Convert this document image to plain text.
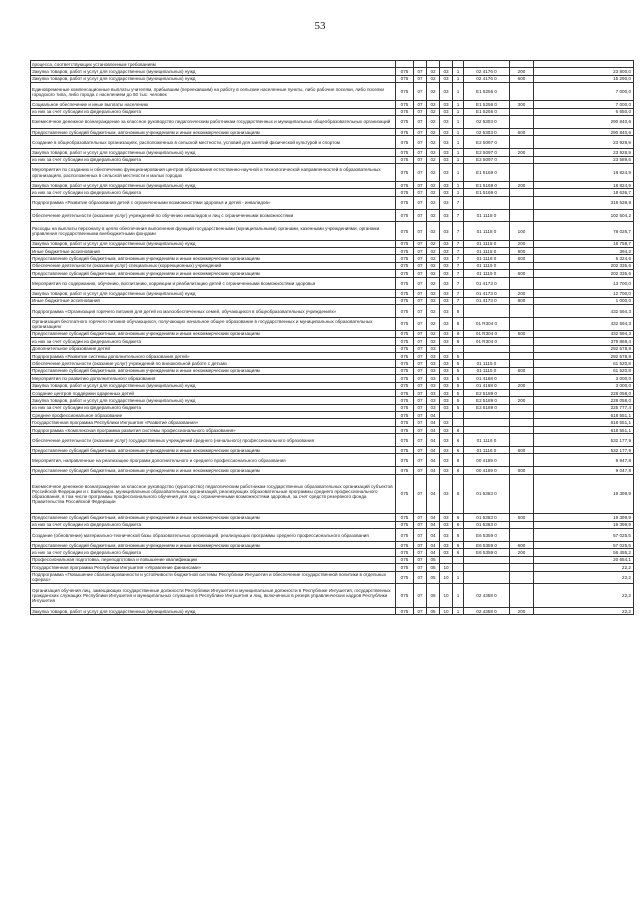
53
процесса, соответствующих установленным требованиям								
Закупка товаров, работ и услуг для государственных (муниципальных) нужд	075	07	02	03	1	02 4176 0	200	23 800,0
Закупка товаров, работ и услуг для государственных (муниципальных) нужд	075	07	02	03	1	02 4176 0	600	15 290,0
Единовременные компенсационные выплаты учителям, прибывшим (переехавшим) на работу в сельские населенные пункты, либо рабочие поселки, либо поселки городского типа, либо города с населением до 50 тыс. человек	075	07	02	03	1	E1 5256 0		7 000,0
Социальное обеспечение и иные выплаты населению	075	07	02	03	1	E1 5256 0	300	7 000,0
из них за счет субсидии из федерального бюджета	075	07	02	03	1	E1 5256 0		6 650,0
Ежемесячное денежное вознаграждение за классное руководство педагогическим работникам государственных и муниципальных общеобразовательных организаций	075	07	02	03	1	02 5303 0		290 840,6
Предоставление субсидий бюджетным, автономным учреждениям и иным некоммерческим организациям	075	07	02	03	1	02 5303 0	600	290 840,6
Создание в общеобразовательных организациях, расположенных в сельской местности, условий для занятий физической культурой и спортом	075	07	02	03	1	E2 5097 0		23 928,9
Закупка товаров, работ и услуг для государственных (муниципальных) нужд	075	07	02	03	1	E2 5097 0	200	23 928,9
из них за счет субсидии из федерального бюджета	075	07	02	03	1	E2 5097 0		23 589,6
Мероприятия по созданию и обеспечению функционирования центров образования естественно-научной и технологической направленностей в образовательных организациях, расположенных в сельской местности и малых городах	075	07	02	03	1	E1 5169 0		18 824,9
Закупка товаров, работ и услуг для государственных (муниципальных) нужд	075	07	02	03	1	E1 5169 0	200	18 824,9
из них за счет субсидии из федерального бюджета	075	07	02	03	1	E1 5169 0		18 636,7
Подпрограмма «Развитие образования детей с ограниченными возможностями здоровья и детей - инвалидов»	075	07	02	03	7			318 539,8
Обеспечение деятельности (оказание услуг) учреждений по обучению инвалидов и лиц с ограниченными возможностями	075	07	02	03	7	01 1118 0		102 504,2
Расходы на выплаты персоналу в целях обеспечения выполнения функций государственными (муниципальными) органами, казенными учреждениями, органами управления государственными внебюджетными фондами	075	07	02	03	7	01 1118 0	100	78 026,7
Закупка товаров, работ и услуг для государственных (муниципальных) нужд	075	07	02	03	7	01 1118 0	200	18 758,7
Иные бюджетные ассигнования	075	07	02	03	7	01 1118 0	800	394,2
Предоставление субсидий бюджетным, автономным учреждениям и иным некоммерческим организациям	075	07	02	03	7	01 1118 0	600	5 324,6
Обеспечение деятельности (оказание услуг) специальных (коррекционных) учреждений	075	07	02	03	7	01 1119 0		202 335,6
Предоставление субсидий бюджетным, автономным учреждениям и иным некоммерческим организациям	075	07	02	03	7	01 1119 0	600	202 335,6
Мероприятия по содержанию, обучению, воспитанию, коррекции и реабилитацию детей с ограниченными возможностями здоровья	075	07	02	03	7	01 4173 0		13 700,0
Закупка товаров, работ и услуг для государственных (муниципальных) нужд	075	07	02	03	7	01 4173 0	200	12 700,0
Иные бюджетные ассигнования	075	07	02	03	7	01 4173 0	800	1 000,0
Подпрограмма «Организация горячего питания для детей из малообеспеченных семей, обучающихся в общеобразовательных учреждениях»	075	07	02	03	8			432 594,3
Организация бесплатного горячего питания обучающихся, получающих начальное общее образование в государственных и муниципальных образовательных организациях	075	07	02	03	8	01 R304 0		432 594,3
Предоставление субсидий бюджетным, автономным учреждениям и иным некоммерческим организациям	075	07	02	03	8	01 R304 0	600	432 594,3
из них за счет субсидии из федерального бюджета	075	07	02	03	8	01 R304 0		379 868,4
Дополнительное образование детей	075	07	03					292 578,8
Подпрограмма «Развитие системы дополнительного образования детей»	075	07	03	03	5			292 578,8
Обеспечение деятельности (оказание услуг) учреждений по внешкольной работе с детьми	075	07	03	03	5	01 1115 0		61 520,8
Предоставление субсидий бюджетным, автономным учреждениям и иным некоммерческим организациям	075	07	03	03	5	01 1115 0	600	61 520,8
Мероприятия по развитию дополнительного образования	075	07	03	03	5	01 4168 0		3 000,0
Закупка товаров, работ и услуг для государственных (муниципальных) нужд	075	07	03	03	5	01 4168 0	200	3 000,0
Создание центров поддержки одаренных детей	075	07	03	03	5	E2 5189 0		228 058,0
Закупка товаров, работ и услуг для государственных (муниципальных) нужд	075	07	03	03	5	E2 5189 0	200	228 058,0
из них за счет субсидии из федерального бюджета	075	07	03	03	5	E2 5189 0		225 777,4
Среднее профессиональное образование	075	07	04					618 551,1
Государственная программа Республики Ингушетия «Развитие образования»	075	07	04	03				618 551,1
Подпрограмма «Комплексная программа развития системы профессионального образования»	075	07	04	03	6			618 551,1
Обеспечение деятельности (оказание услуг) государственных учреждений среднего (начального) профессионального образования	075	07	04	03	6	01 1116 0		532 177,9
Предоставление субсидий бюджетным, автономным учреждениям и иным некоммерческим организациям	075	07	04	03	6	01 1116 0	600	532 177,9
Мероприятия, направленные на реализацию программ дополнительного и среднего профессионального образования	075	07	04	03	6	00 4169 0		9 947,8
Предоставление субсидий бюджетным, автономным учреждениям и иным некоммерческим организациям	075	07	04	03	6	00 4169 0	600	9 047,8
Ежемесячное денежное вознаграждение за классное руководство (кураторство) педагогическим работникам государственных образовательных организаций субъектов Российской Федерации и г. Байконура, муниципальных образовательных организаций, реализующих образовательные программы среднего профессионального образования, в том числе программы профессионального обучения для лиц с ограниченными возможностями здоровья, за счет средств резервного фонда Правительства Российской Федерации	075	07	04	03	6	01 5363 0		19 399,9
Предоставление субсидий бюджетным, автономным учреждениям и иным некоммерческим организациям	075	07	04	03	6	01 5363 0	600	19 399,9
из них за счет субсидии из федерального бюджета	075	07	04	03	6	01 5363 0		19 399,9
Создание (обновление) материально-технической базы образовательных организаций, реализующих программы среднего профессионального образования	075	07	04	03	6	E6 5359 0		57 025,5
Предоставление субсидий бюджетным, автономным учреждениям и иным некоммерческим организациям	075	07	04	03	6	E6 5359 0	600	57 025,5
из них за счет субсидии из федерального бюджета	075	07	04	03	6	E6 5359 0	200	56 455,2
Профессиональная подготовка, переподготовка и повышение квалификации	075	07	05					20 654,1
Государственная программа Республики Ингушетия «Управление финансами»	075	07	05	10				22,2
Подпрограмма «Повышение сбалансированности и устойчивости бюджетной системы Республики Ингушетия и обеспечение государственной политики в отдельных сферах»	075	07	05	10	1			22,2
Организация обучения лиц, замещающих государственные должности Республики Ингушетия и муниципальные должности в Республике Ингушетия, государственных гражданских служащих Республики Ингушетия и муниципальных служащих в Республике Ингушетия и лиц, включенных в резерв управленческих кадров Республики Ингушетия	075	07	05	10	1	02 4358 0		22,2
Закупка товаров, работ и услуг для государственных (муниципальных) нужд	075	07	05	10	1	02 4358 0	200	22,2
